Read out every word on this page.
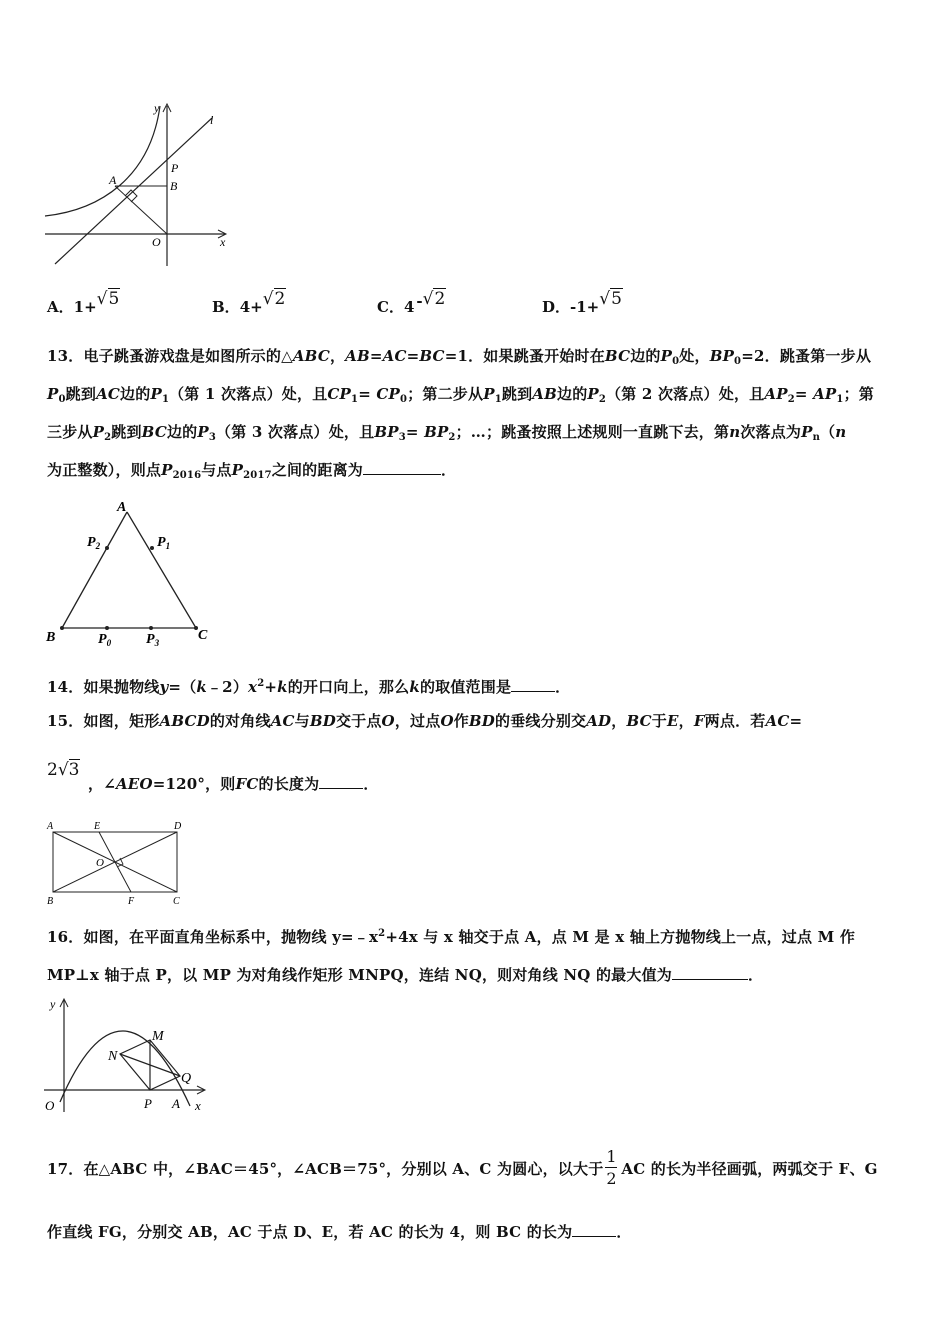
y
l
P
A	B
O	x
A．1+√5	B．4+√2	C．4 -√2	D．-1+√5
13．电子跳蚤游戏盘是如图所示的△ABC，AB=AC=BC=1．如果跳蚤开始时在BC边的$P_0$处，$BP_0=2$．跳蚤第一步从
$P_0$跳到AC边的$P_1$（第 1 次落点）处，且$CP_1= CP_0$；第二步从$P_1$跳到AB边的$P_2$（第 2 次落点）处，且$AP_2= AP_1$；第
三步从$P_2$跳到BC边的$P_3$（第 3 次落点）处，且$BP_3= BP_2$；…；跳蚤按照上述规则一直跳下去，第n次落点为$P_n(n$
为正整数），则点$P_{2016}$与点$P_{2017}$之间的距离为	．
A
$P_2$	$P_1$
B	$P_0$ $P_3$	C
14．如果抛物线$y=(k﹣2)x^2+k$的开口向上，那么k的取值范围是	．
15．如图，矩形ABCD的对角线AC与BD交于点O，过点O作BD的垂线分别交AD，BC于E，F两点．若AC=
2√3
，∠AEO=120°，则FC的长度为	．
A	E	D
O
B	F	C
16．如图，在平面直角坐标系中，抛物线 $y=﹣x^2+4x$ 与 x 轴交于点 A，点 M 是 x 轴上方抛物线上一点，过点 M 作
MP⊥x 轴于点 P，以 MP 为对角线作矩形 MNPQ，连结 NQ，则对角线 NQ 的最大值为	．
y
M
N
Q
O	P A x
17．在△ABC 中，∠BAC＝45°，∠ACB＝75°，分别以 A、C 为圆心，以大于 $\frac{1}{2}$ AC 的长为半径画弧，两弧交于 F、G
作直线 FG，分别交 AB，AC 于点 D、E，若 AC 的长为 4，则 BC 的长为	．
